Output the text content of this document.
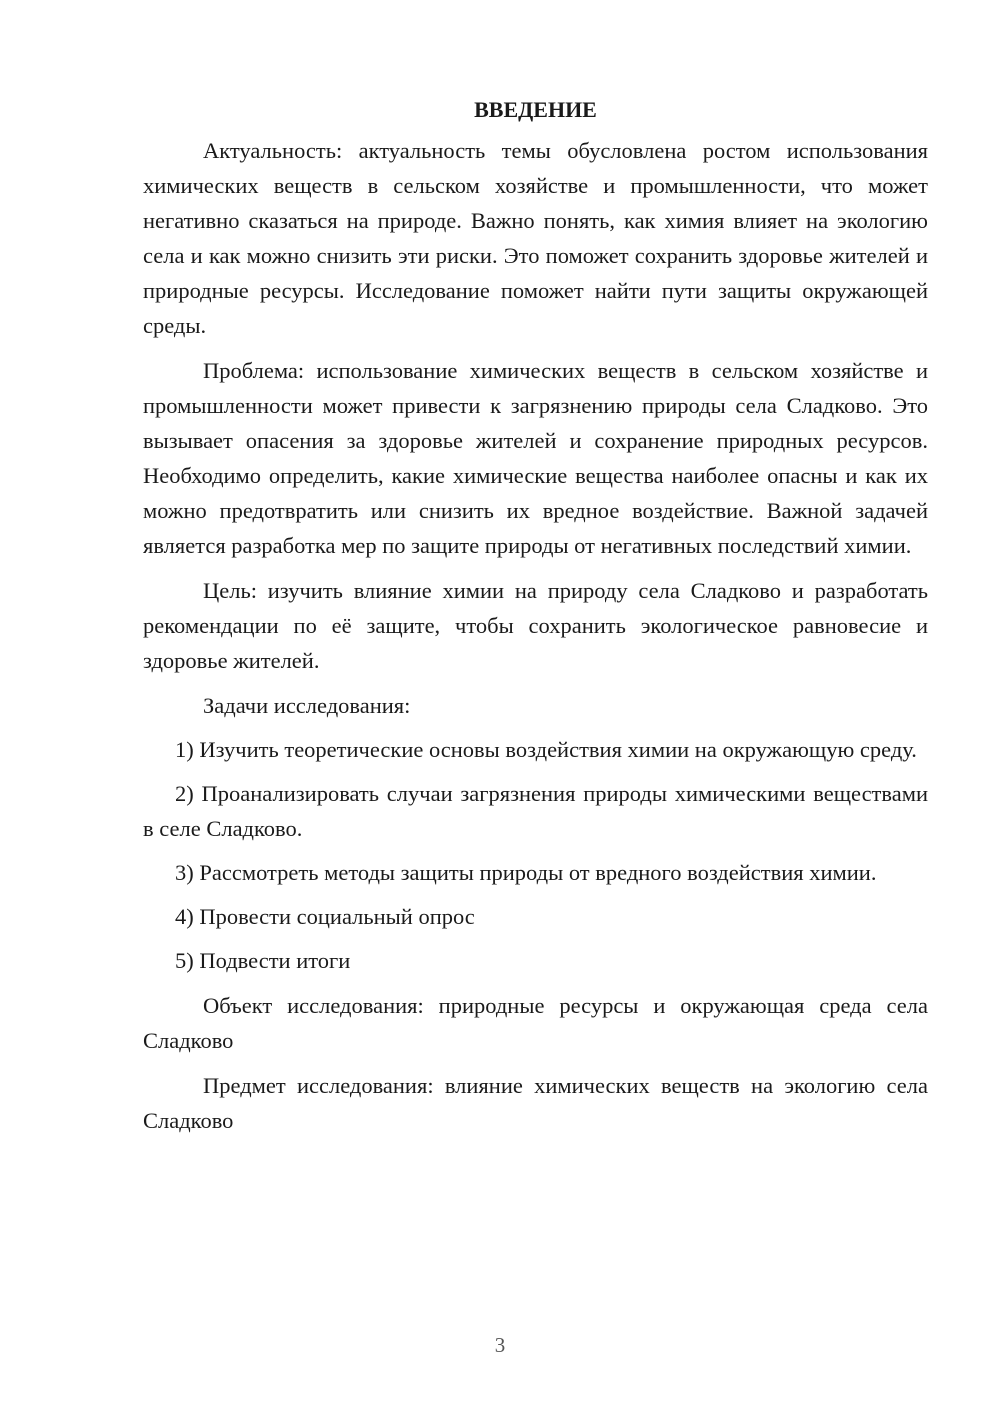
ВВЕДЕНИЕ

Актуальность: актуальность темы обусловлена ростом использования химических веществ в сельском хозяйстве и промышленности, что может негативно сказаться на природе. Важно понять, как химия влияет на экологию села и как можно снизить эти риски. Это поможет сохранить здоровье жителей и природные ресурсы. Исследование поможет найти пути защиты окружающей среды.

Проблема: использование химических веществ в сельском хозяйстве и промышленности может привести к загрязнению природы села Сладково. Это вызывает опасения за здоровье жителей и сохранение природных ресурсов. Необходимо определить, какие химические вещества наиболее опасны и как их можно предотвратить или снизить их вредное воздействие. Важной задачей является разработка мер по защите природы от негативных последствий химии.

Цель: изучить влияние химии на природу села Сладково и разработать рекомендации по её защите, чтобы сохранить экологическое равновесие и здоровье жителей.

Задачи исследования:

1) Изучить теоретические основы воздействия химии на окружающую среду.

2) Проанализировать случаи загрязнения природы химическими веществами в селе Сладково.

3) Рассмотреть методы защиты природы от вредного воздействия химии.

4) Провести социальный опрос

5) Подвести итоги

Объект исследования: природные ресурсы и окружающая среда села Сладково

Предмет исследования: влияние химических веществ на экологию села Сладково

3
